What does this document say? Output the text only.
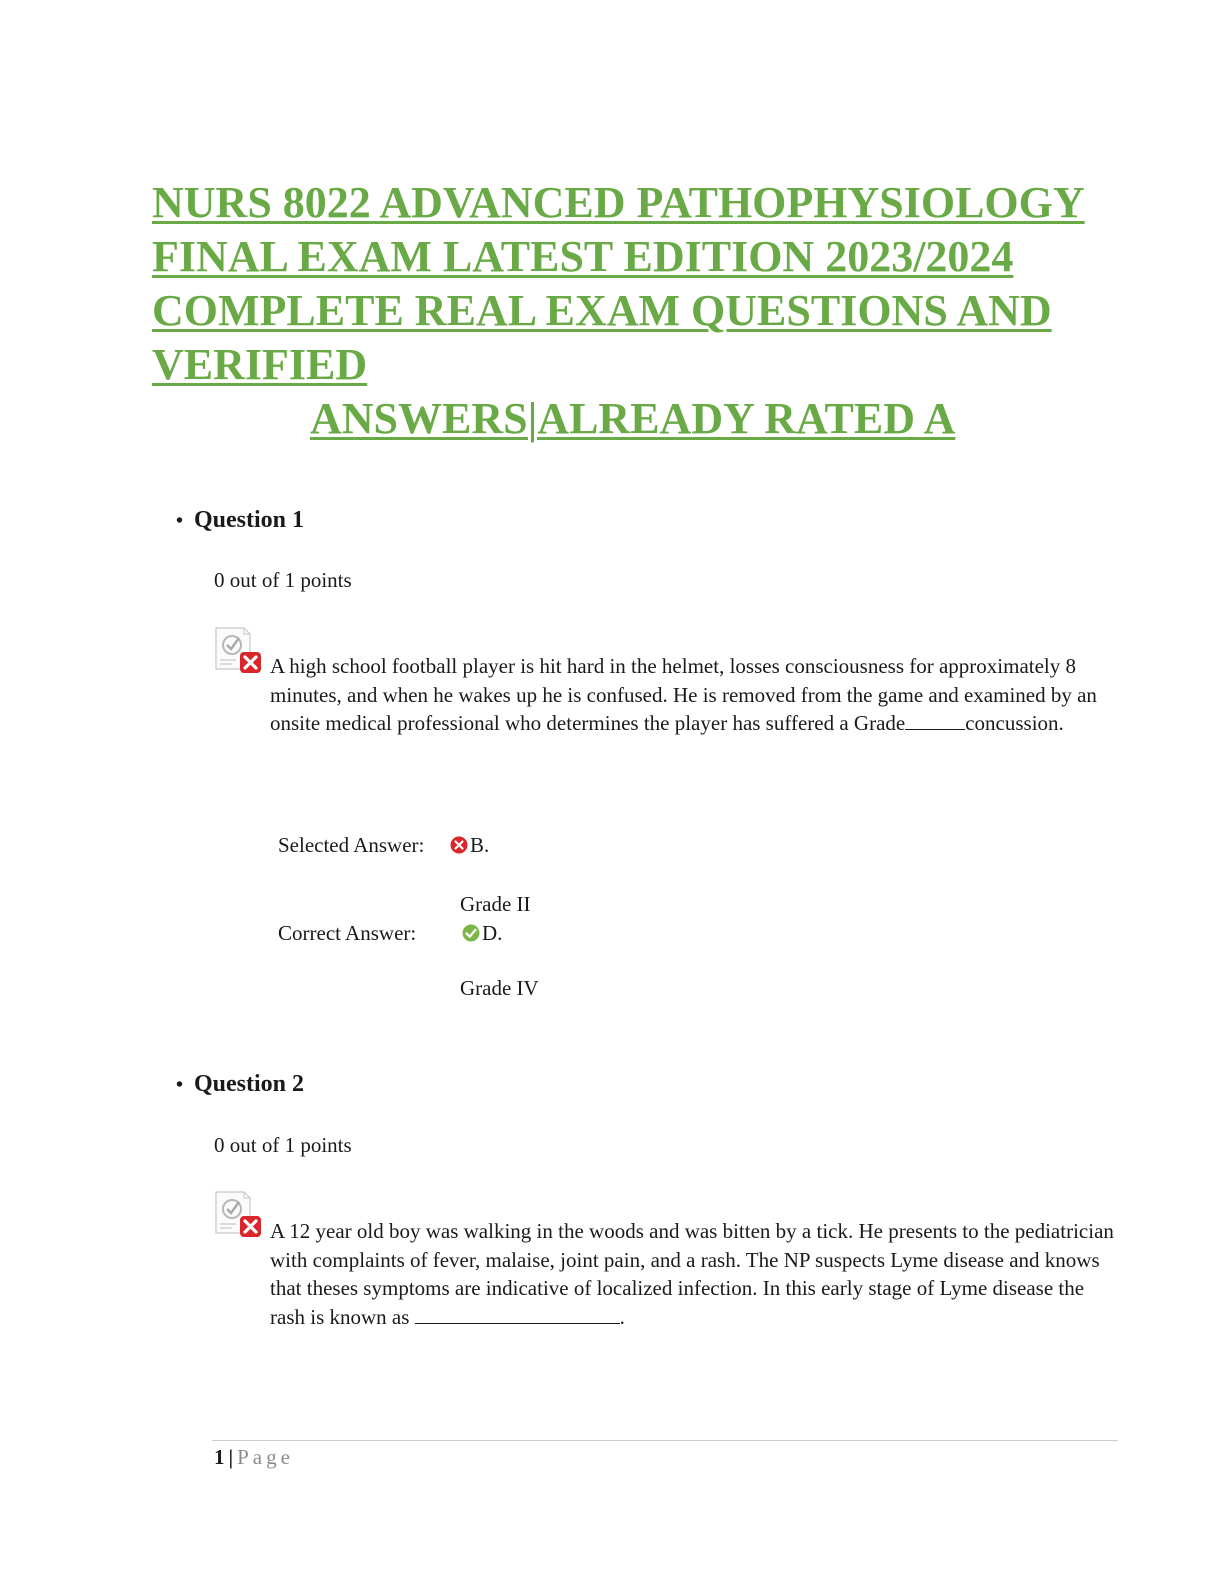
NURS 8022 ADVANCED PATHOPHYSIOLOGY
FINAL EXAM LATEST EDITION 2023/2024
COMPLETE REAL EXAM QUESTIONS AND
VERIFIED
ANSWERS|ALREADY RATED A
• Question 1
0 out of 1 points
A high school football player is hit hard in the helmet, losses consciousness for approximately 8 minutes, and when he wakes up he is confused. He is removed from the game and examined by an onsite medical professional who determines the player has suffered a Grade	concussion.
Selected Answer:	B.
Grade II
Correct Answer:	D.
Grade IV
• Question 2
0 out of 1 points
A 12 year old boy was walking in the woods and was bitten by a tick. He presents to the pediatrician with complaints of fever, malaise, joint pain, and a rash. The NP suspects Lyme disease and knows that theses symptoms are indicative of localized infection. In this early stage of Lyme disease the rash is known as	.
1 | Page
